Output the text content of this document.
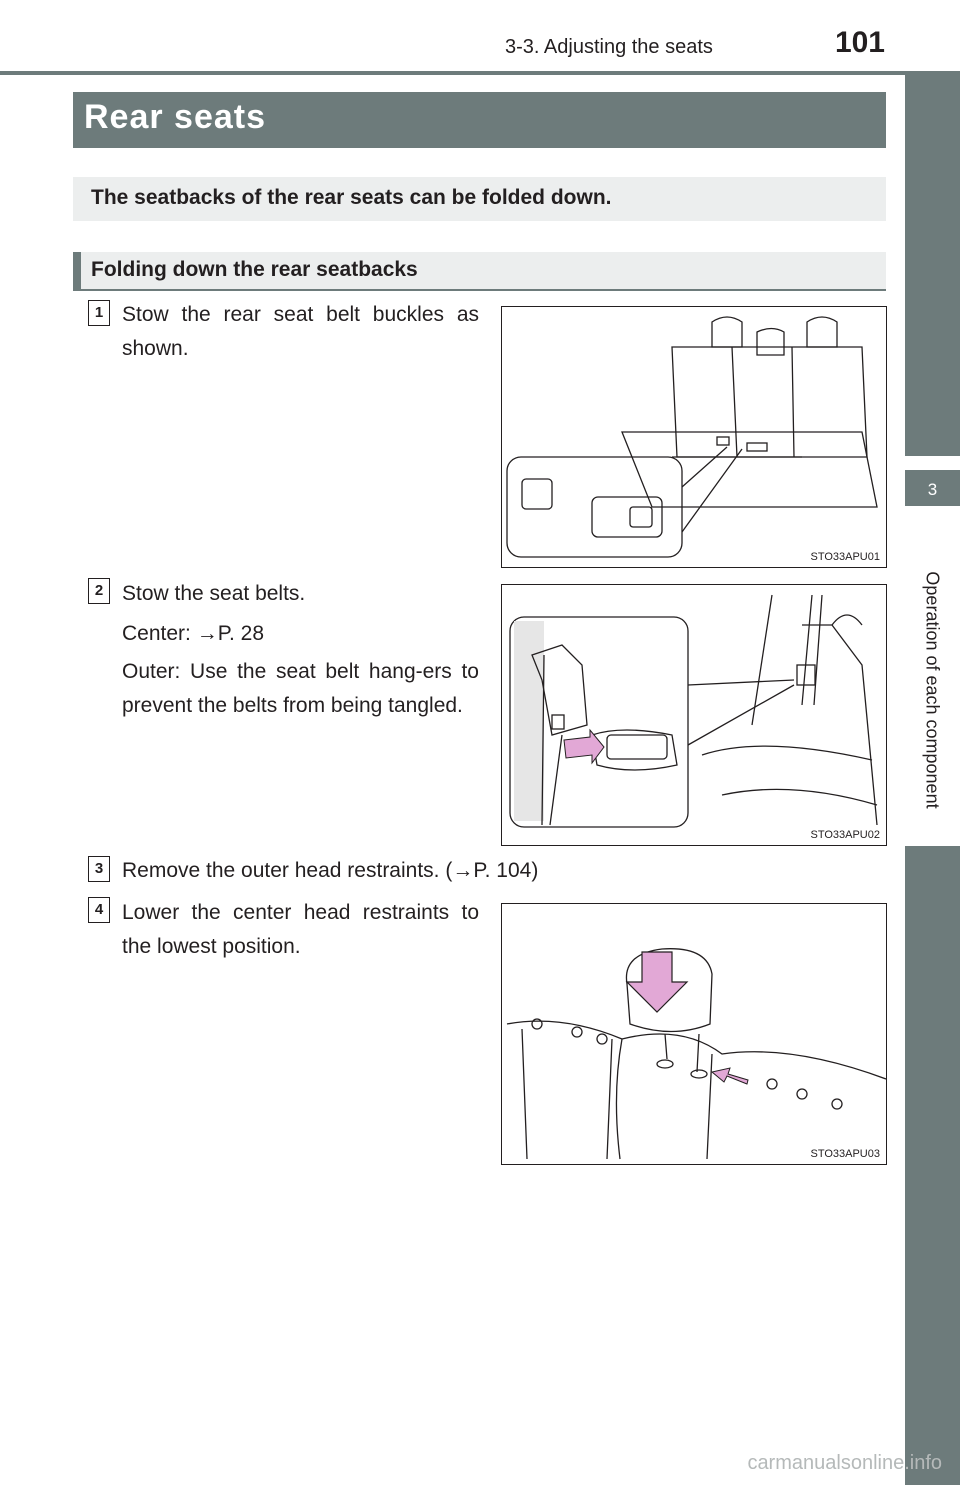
3-3. Adjusting the seats	101
3
Operation of each component
Rear seats
The seatbacks of the rear seats can be folded down.
Folding down the rear seatbacks
1 Stow the rear seat belt buckles as shown.
STO33APU01
2 Stow the seat belts.
Center: →P. 28
Outer: Use the seat belt hang-ers to prevent the belts from being tangled.
STO33APU02
3 Remove the outer head restraints. (→P. 104)
4 Lower the center head restraints to the lowest position.
STO33APU03
carmanualsonline.info
